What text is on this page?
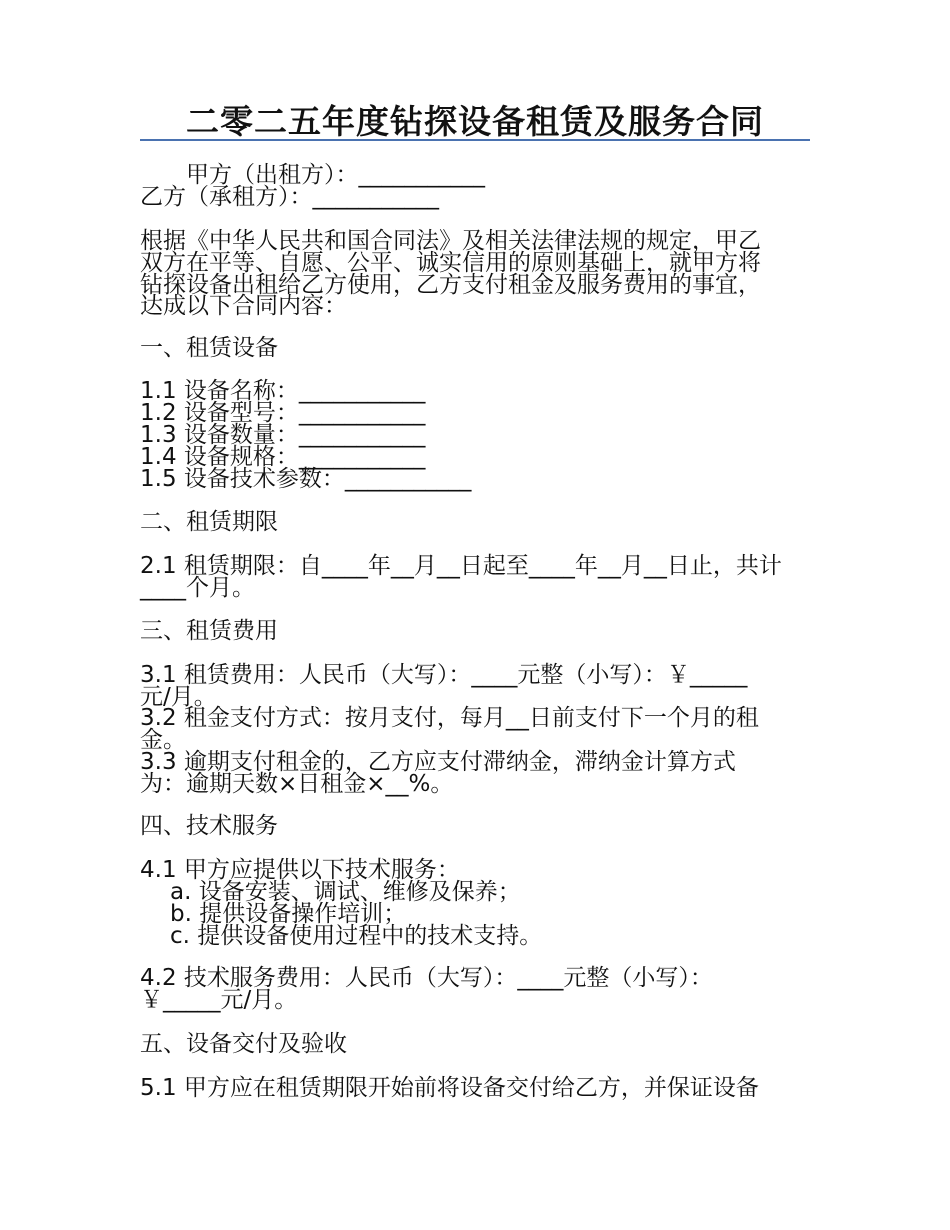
二零二五年度钻探设备租赁及服务合同

甲方（出租方）：___________

乙方（承租方）：___________

根据《中华人民共和国合同法》及相关法律法规的规定，甲乙

双方在平等、自愿、公平、诚实信用的原则基础上，就甲方将

钻探设备出租给乙方使用，乙方支付租金及服务费用的事宜，

达成以下合同内容：

一、租赁设备

1.1 设备名称：___________

1.2 设备型号：___________

1.3 设备数量：___________

1.4 设备规格：___________

1.5 设备技术参数：___________

二、租赁期限

2.1 租赁期限：自____年__月__日起至____年__月__日止，共计

____个月。

三、租赁费用

3.1 租赁费用：人民币（大写）：____元整（小写）：￥_____

元/月。

3.2 租金支付方式：按月支付，每月__日前支付下一个月的租

金。

3.3 逾期支付租金的，乙方应支付滞纳金，滞纳金计算方式

为：逾期天数×日租金×__%。

四、技术服务

4.1 甲方应提供以下技术服务：

a. 设备安装、调试、维修及保养；

b. 提供设备操作培训；

c. 提供设备使用过程中的技术支持。

4.2 技术服务费用：人民币（大写）：____元整（小写）：

￥_____元/月。

五、设备交付及验收

5.1 甲方应在租赁期限开始前将设备交付给乙方，并保证设备
